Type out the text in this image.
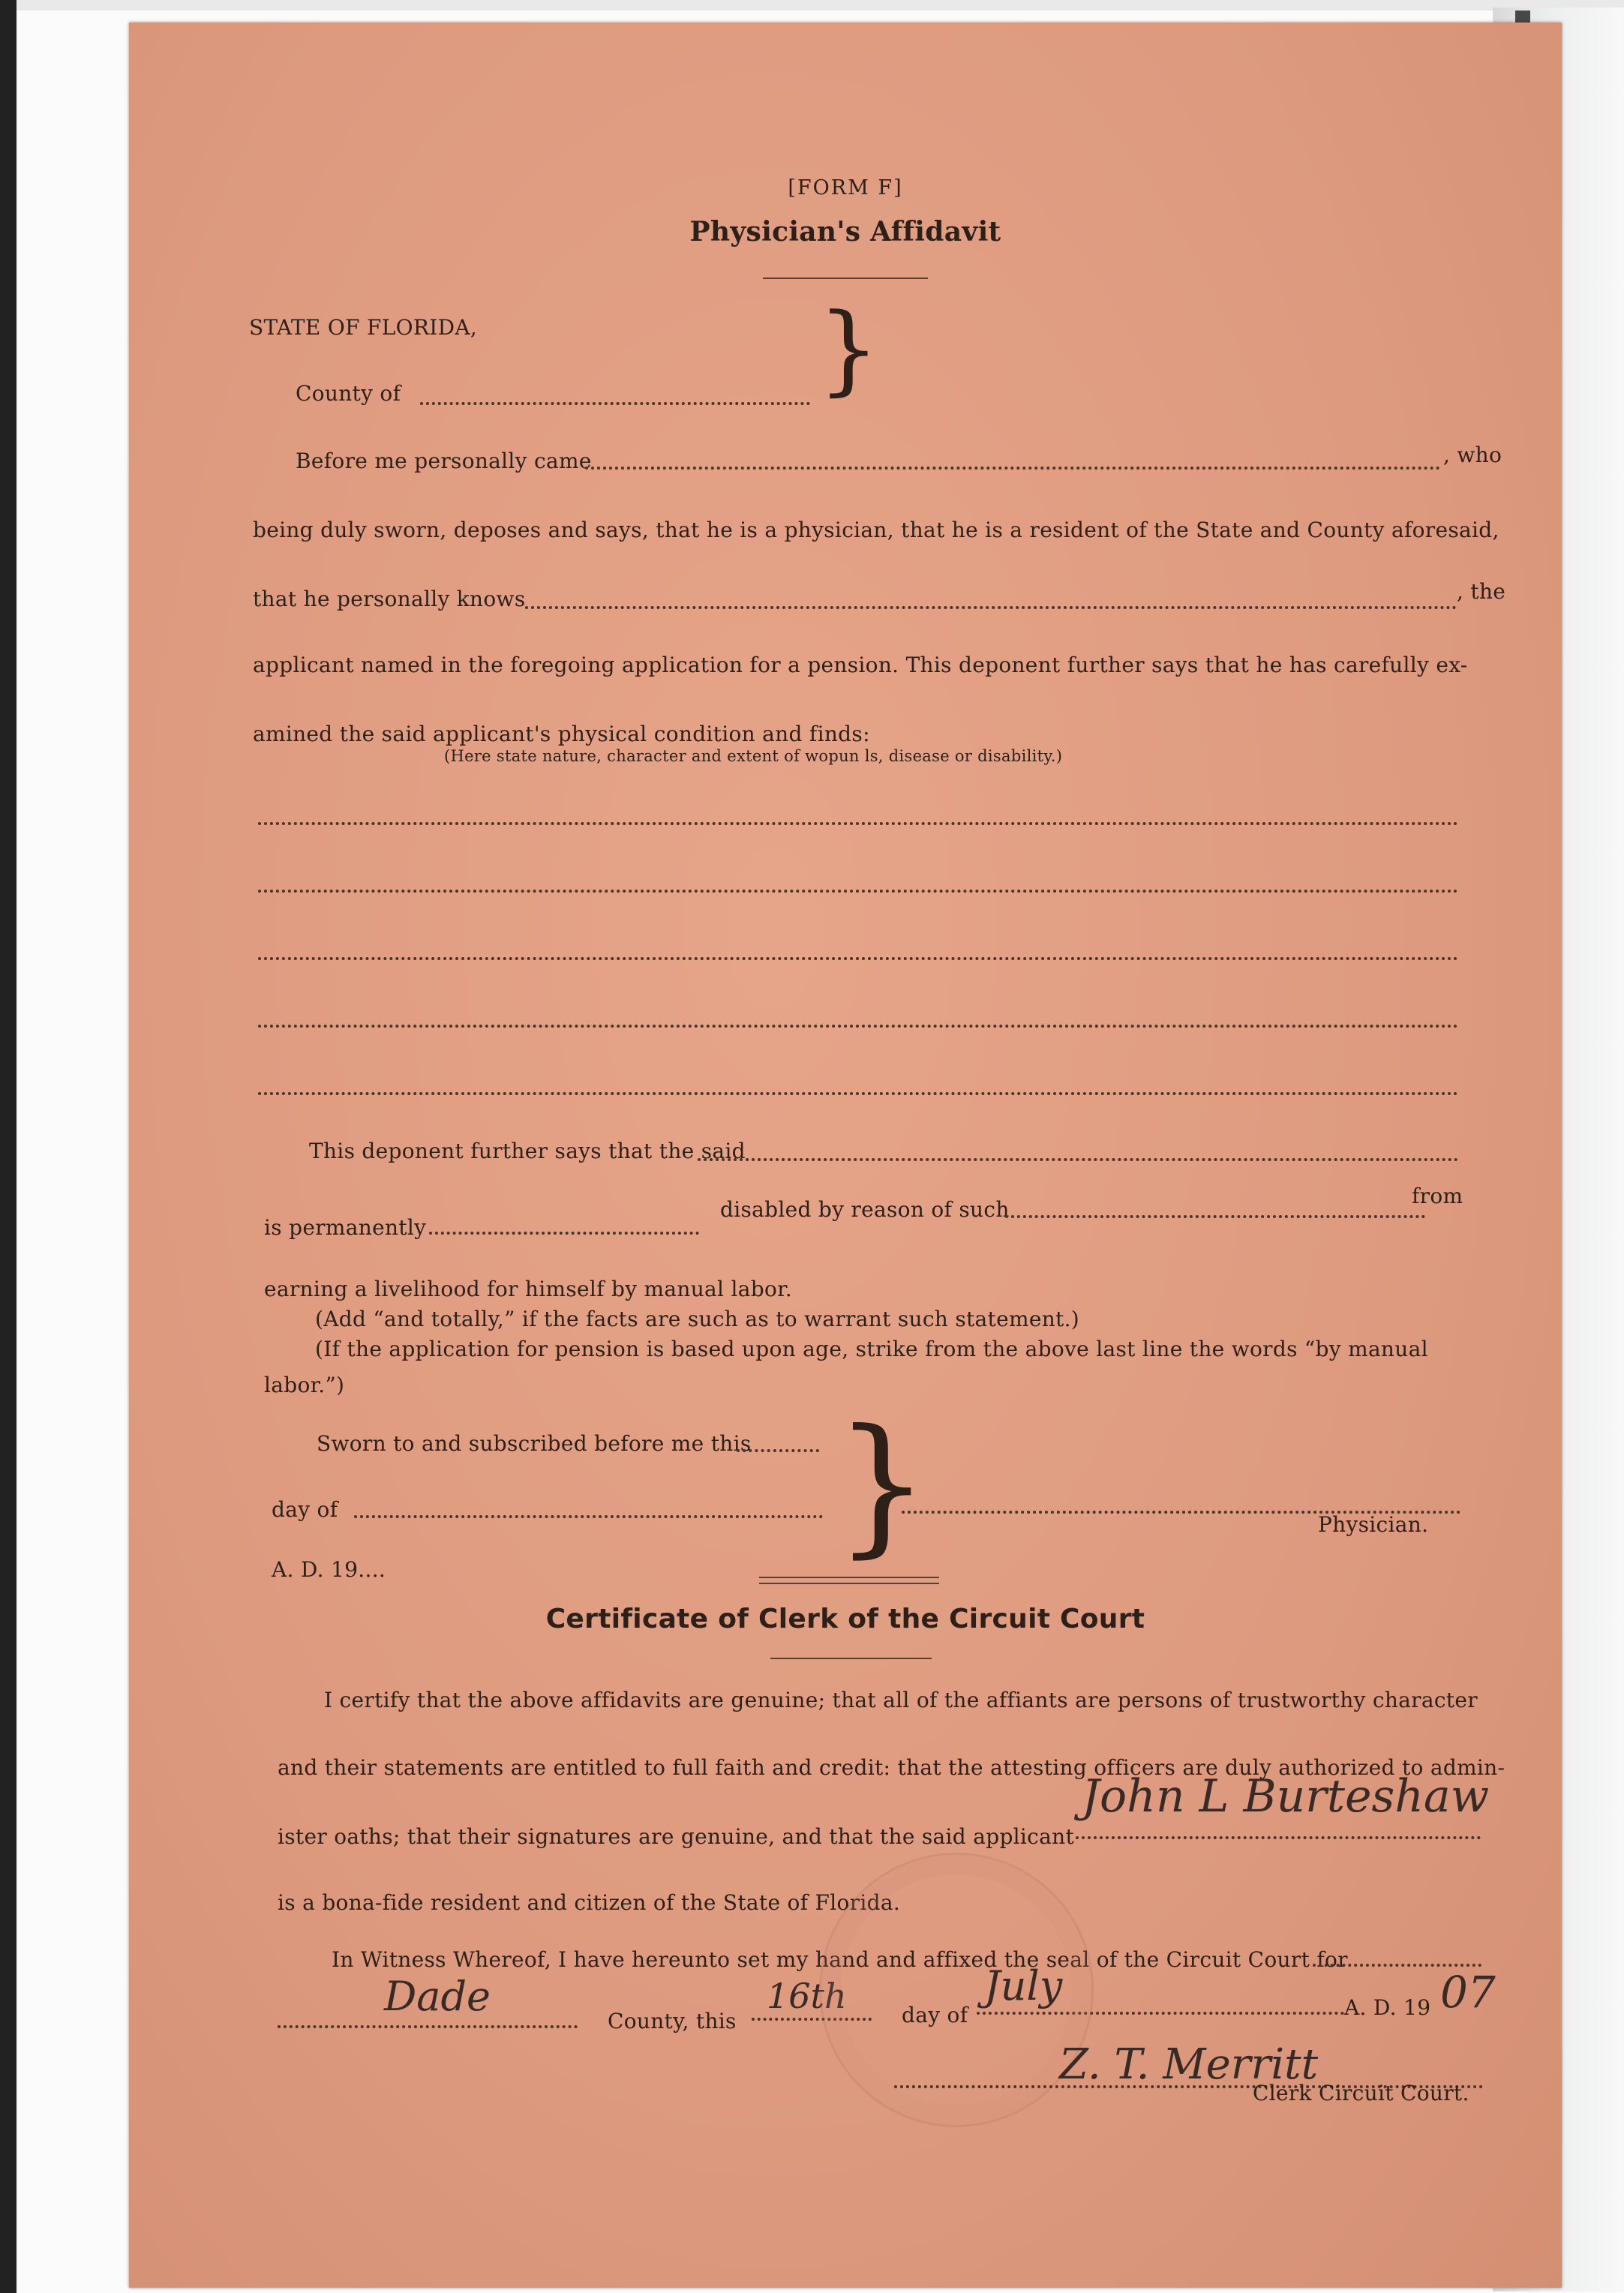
[FORM F]
Physician's Affidavit
STATE OF FLORIDA,	}
County of
Before me personally came	, who
being duly sworn, deposes and says, that he is a physician, that he is a resident of the State and County aforesaid,
that he personally knows	, the
applicant named in the foregoing application for a pension. This deponent further says that he has carefully ex-
amined the said applicant's physical condition and finds:
(Here state nature, character and extent of wopun ls, disease or disability.)
This deponent further says that the said
is permanently
disabled by reason of such
from
earning a livelihood for himself by manual labor.
(Add “and totally,” if the facts are such as to warrant such statement.)
(If the application for pension is based upon age, strike from the above last line the words “by manual
labor.”)
Sworn to and subscribed before me this }
day of
A. D. 19....
Physician.
Certificate of Clerk of the Circuit Court
I certify that the above affidavits are genuine; that all of the affiants are persons of trustworthy character
and their statements are entitled to full faith and credit: that the attesting officers are duly authorized to admin-
ister oaths; that their signatures are genuine, and that the said applicant
John L Burteshaw
is a bona-fide resident and citizen of the State of Florida.
In Witness Whereof, I have hereunto set my hand and affixed the seal of the Circuit Court for
Dade
County, this
16th	day of
July	A. D. 19 07
Z. T. Merritt
Clerk Circuit Court.
